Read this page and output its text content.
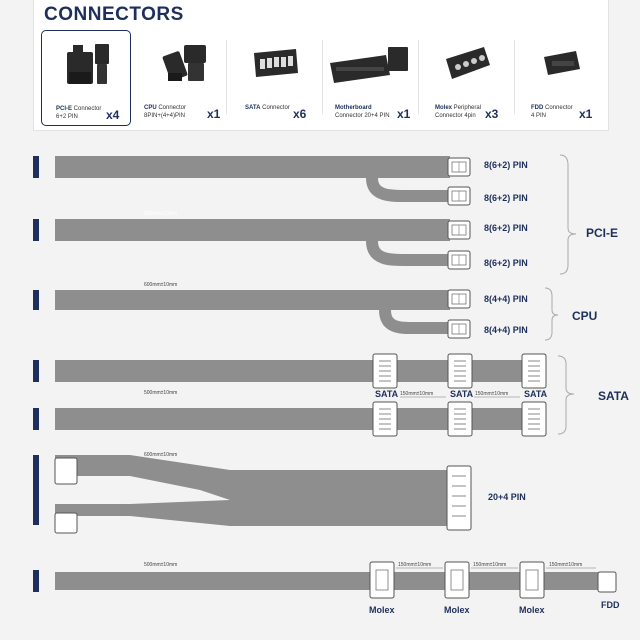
CONNECTORS
PCI-E Connector
6+2 PIN	x4	CPU Connector
8PIN+(4+4)PIN x1	SATA Connector x6	Motherboard
Connector 20+4 PIN x1	Molex Peripheral
Connector 4pin x3	FDD Connector
4 PIN	x1
8(6+2) PIN
8(6+2) PIN
8(6+2) PIN
8(6+2) PIN
PCI-E
600mm±10mm
8(4+4) PIN
8(4+4) PIN
CPU
600mm±10mm
SATA	SATA	SATA	SATA
500mm±10mm	150mm±10mm	150mm±10mm
600mm±10mm
20+4 PIN
500mm±10mm	150mm±10mm	150mm±10mm	150mm±10mm
Molex	Molex	Molex	FDD
